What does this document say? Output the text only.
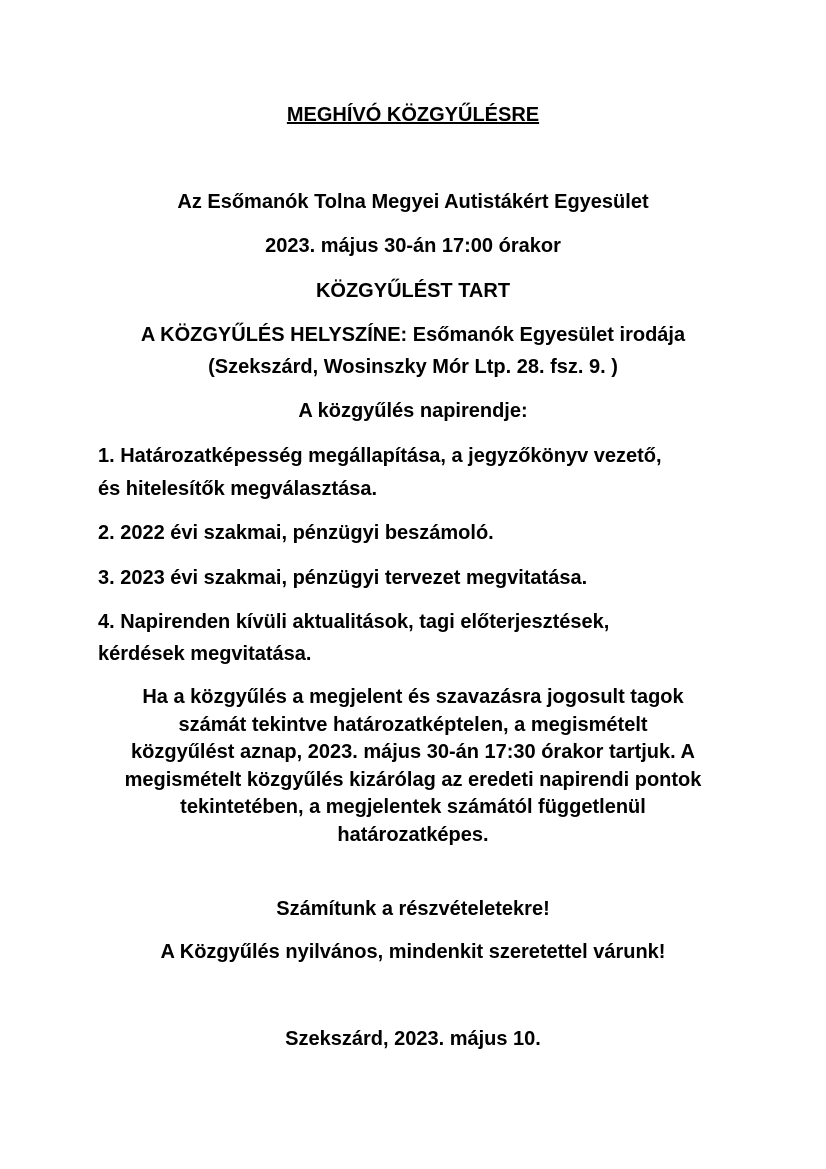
MEGHÍVÓ KÖZGYŰLÉSRE
Az Esőmanók Tolna Megyei Autistákért Egyesület
2023. május 30-án 17:00 órakor
KÖZGYŰLÉST TART
A KÖZGYŰLÉS HELYSZÍNE: Esőmanók Egyesület irodája
(Szekszárd, Wosinszky Mór Ltp. 28. fsz. 9. )
A közgyűlés napirendje:
1. Határozatképesség megállapítása, a jegyzőkönyv vezető,
és hitelesítők megválasztása.
2. 2022 évi szakmai, pénzügyi beszámoló.
3. 2023 évi szakmai, pénzügyi tervezet megvitatása.
4. Napirenden kívüli aktualitások, tagi előterjesztések,
kérdések megvitatása.
Ha a közgyűlés a megjelent és szavazásra jogosult tagok
számát tekintve határozatképtelen, a megismételt
közgyűlést aznap, 2023. május 30-án 17:30 órakor tartjuk. A
megismételt közgyűlés kizárólag az eredeti napirendi pontok
tekintetében, a megjelentek számától függetlenül
határozatképes.
Számítunk a részvételetekre!
A Közgyűlés nyilvános, mindenkit szeretettel várunk!
Szekszárd, 2023. május 10.
